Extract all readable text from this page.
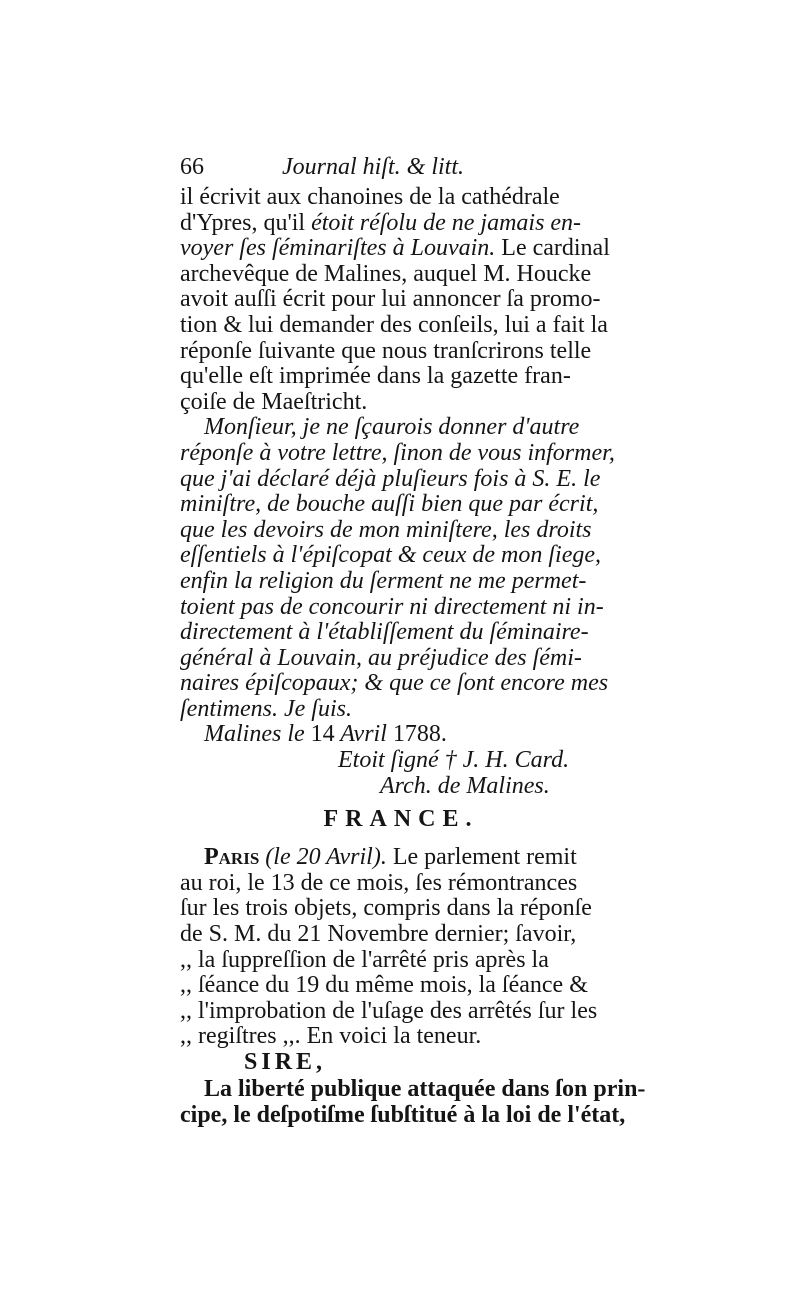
66	Journal hiſt. & litt.
il écrivit aux chanoines de la cathédrale
d'Ypres, qu'il étoit réſolu de ne jamais en-
voyer ſes ſéminariſtes à Louvain. Le cardinal
archevêque de Malines, auquel M. Houcke
avoit auſſi écrit pour lui annoncer ſa promo-
tion & lui demander des conſeils, lui a fait la
réponſe ſuivante que nous tranſcrirons telle
qu'elle eſt imprimée dans la gazette fran-
çoiſe de Maeſtricht.
Monſieur, je ne ſçaurois donner d'autre
réponſe à votre lettre, ſinon de vous informer,
que j'ai déclaré déjà pluſieurs fois à S. E. le
miniſtre, de bouche auſſi bien que par écrit,
que les devoirs de mon miniſtere, les droits
eſſentiels à l'épiſcopat & ceux de mon ſiege,
enfin la religion du ſerment ne me permet-
toient pas de concourir ni directement ni in-
directement à l'établiſſement du ſéminaire-
général à Louvain, au préjudice des ſémi-
naires épiſcopaux; & que ce ſont encore mes
ſentimens. Je ſuis.
Malines le 14 Avril 1788.
Etoit ſigné † J. H. Card.
Arch. de Malines.
FRANCE.
Paris (le 20 Avril). Le parlement remit
au roi, le 13 de ce mois, ſes rémontrances
ſur les trois objets, compris dans la réponſe
de S. M. du 21 Novembre dernier; ſavoir,
,, la ſuppreſſion de l'arrêté pris après la
,, ſéance du 19 du même mois, la ſéance &
,, l'improbation de l'uſage des arrêtés ſur les
,, regiſtres ,,. En voici la teneur.
SIRE,
La liberté publique attaquée dans ſon prin-
cipe, le deſpotiſme ſubſtitué à la loi de l'état,
